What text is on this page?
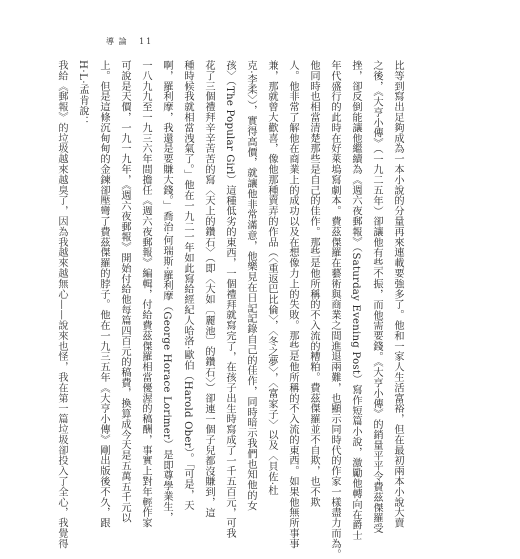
導 論 11
比等到寫出足夠成為一本小說的分量再來連載要強多了。他和一家人生活富裕，但在最初兩本小說大賣
之後，《大亨小傳》（一九二五年）卻讓他有些不振，而他需要錢。《大亨小傳》的銷量平平令費茲傑羅受
挫，卻反倒能讓他繼續為《週六夜郵報》（Saturday Evening Post）寫作短篇小說，激勵他轉向在爵士
年代盛行的此時在好萊塢寫劇本。費茲傑羅在藝術與商業之間進退兩難，也顯示同時代的作家一樣盡力而為。
他同時也相當清楚那些是自己的佳作。那些是他所稱的不入流的糟粕。費茲傑羅並不自欺，也不欺
人。他非常了解他在商業上的成功以及在想像力上的失敗。那些是他所稱的不入流的東西。如果他無所事事
兼，那就曾大歡喜，像他那種賣弄的作品（〈重返巴比倫〉，〈冬之夢〉，〈富家子〉以及〈貝佐‧杜
克‧李柔〉），實得高價，就讓他非常滿意，他樂見在日記記錄自己的佳作，同時暗示我們也知他的女
孩〉（The Popular Girl）這種低劣的東西，一個禮拜就寫完了，在孩子出生時寫成了一千五百元，可我
花了三個禮拜辛辛苦苦的寫〈天上的鑽石〉（即〈大如〔麗池〕的鑽石〉）卻連一個子兒都沒賺到，這
種時候我就相當洩氣了。」他在一九二一年如此寫給經紀人哈洛‧歐伯（Harold Ober）。「可是，天
啊，羅利摩，我還是要賺大錢。」喬治‧何瑞斯‧羅利摩（George Horace Lorimer）是即尊學業生，
一八九九至一九三六年間擔任《週六夜郵報》編輯，付給費茲傑羅相當優渥的稿酬，事實上對年輕作家
可說是天價，一九一九年，《週六夜郵報》開始付給他每篇四百元的稿費，換算成今天是五萬五千元以
上。但是這條沉甸甸的金鍊卻壓彎了費茲傑羅的脖子。他在一九三五年《大亨小傳》剛出版後不久，跟
H‧L‧孟肯說：
我給《郵報》的垃圾越來越臭了，因為我越來越無心——說來也怪，我在第一篇垃圾卻投入了全心，我覺得
